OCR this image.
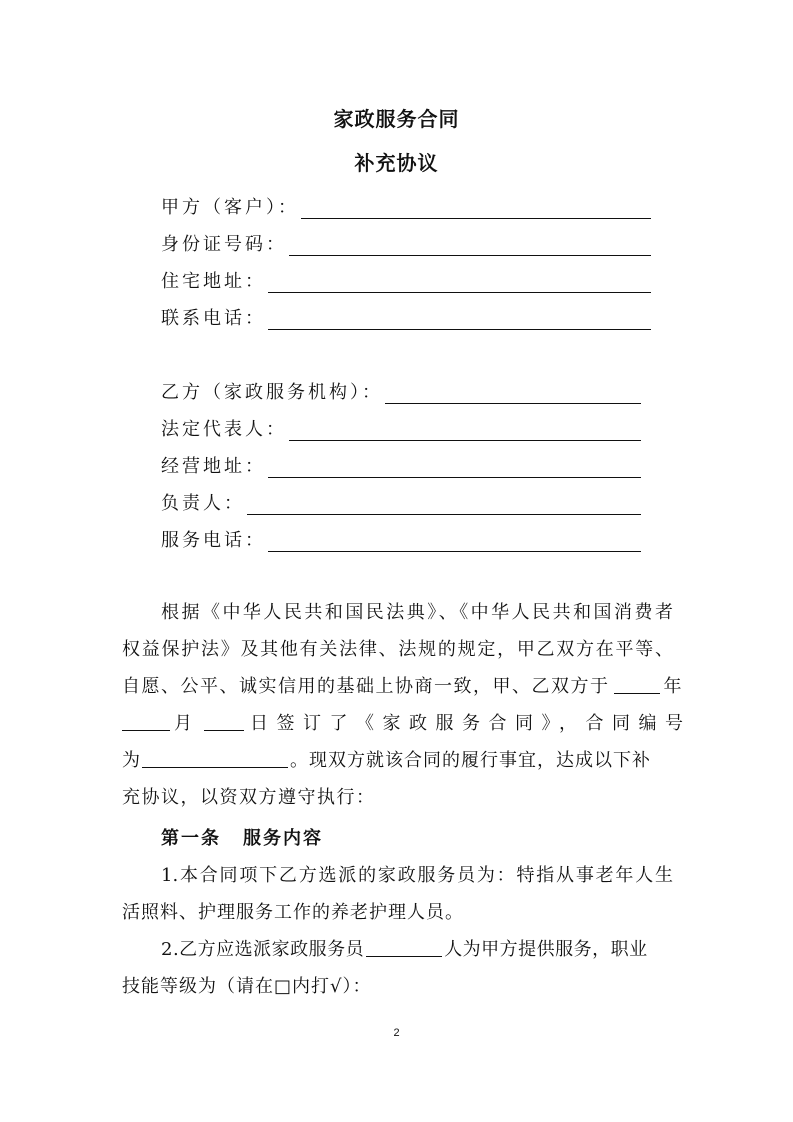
家政服务合同
补充协议
甲方（客户）：
身份证号码：
住宅地址：
联系电话：
乙方（家政服务机构）：
法定代表人：
经营地址：
负责人：
服务电话：
根据《中华人民共和国民法典》、《中华人民共和国消费者
权益保护法》及其他有关法律、法规的规定，甲乙双方在平等、
自愿、公平、诚实信用的基础上协商一致，甲、乙双方于	年
月	日签订了《家政服务合同》，合同编号
为	。现双方就该合同的履行事宜，达成以下补
充协议，以资双方遵守执行：
第一条 服务内容
1.本合同项下乙方选派的家政服务员为：特指从事老年人生
活照料、护理服务工作的养老护理人员。
2.乙方应选派家政服务员	人为甲方提供服务，职业
技能等级为（请在□内打√）：
2
